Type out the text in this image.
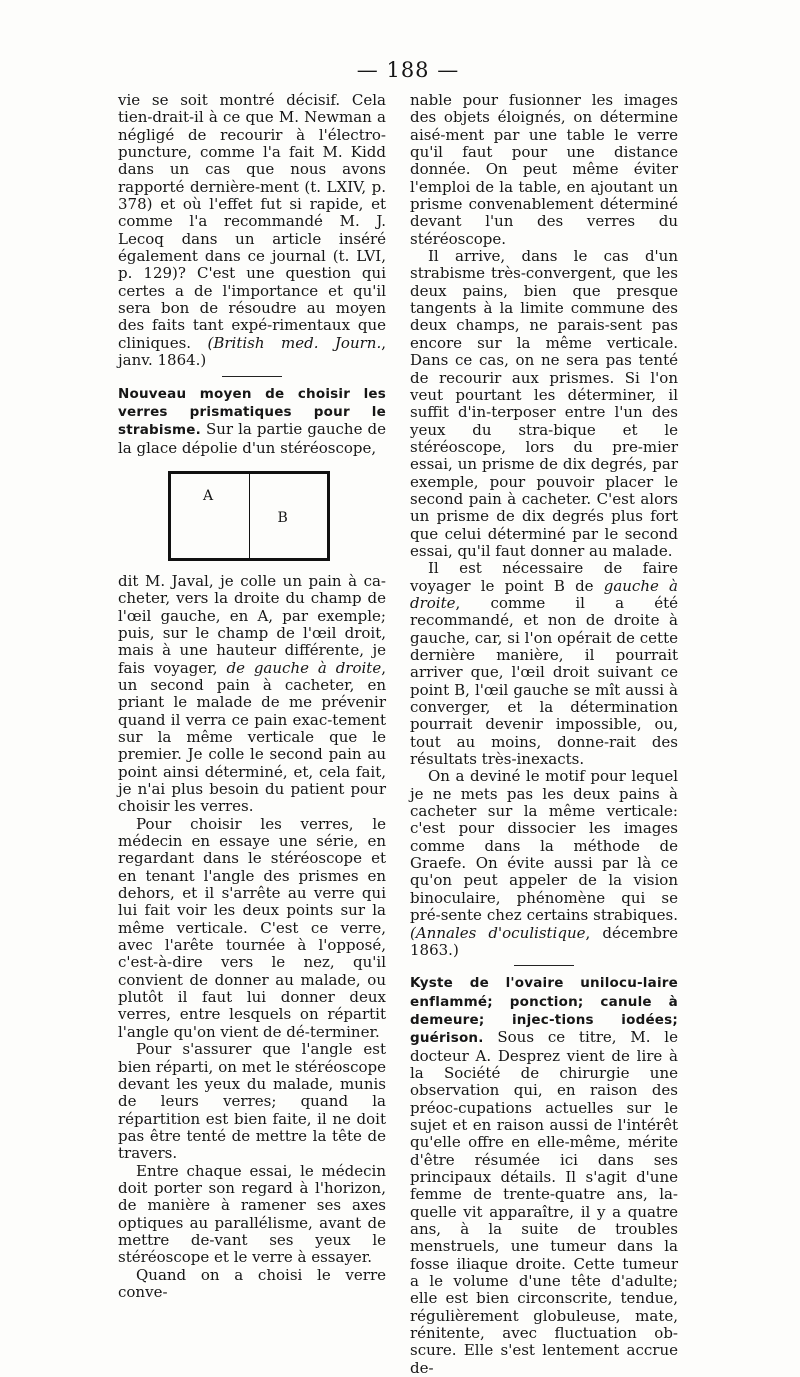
— 188 —

vie se soit montré décisif. Cela tien-drait-il à ce que M. Newman a négligé de recourir à l'électro-puncture, comme l'a fait M. Kidd dans un cas que nous avons rapporté dernière-ment (t. LXIV, p. 378) et où l'effet fut si rapide, et comme l'a recommandé M. J. Lecoq dans un article inséré également dans ce journal (t. LVI, p. 129)? C'est une question qui certes a de l'importance et qu'il sera bon de résoudre au moyen des faits tant expé-rimentaux que cliniques. (British med. Journ., janv. 1864.)

Nouveau moyen de choisir les verres prismatiques pour le strabisme. Sur la partie gauche de la glace dépolie d'un stéréoscope,

A
B

dit M. Javal, je colle un pain à ca-cheter, vers la droite du champ de l'œil gauche, en A, par exemple; puis, sur le champ de l'œil droit, mais à une hauteur différente, je fais voyager, de gauche à droite, un second pain à cacheter, en priant le malade de me prévenir quand il verra ce pain exac-tement sur la même verticale que le premier. Je colle le second pain au point ainsi déterminé, et, cela fait, je n'ai plus besoin du patient pour choisir les verres.

Pour choisir les verres, le médecin en essaye une série, en regardant dans le stéréoscope et en tenant l'angle des prismes en dehors, et il s'arrête au verre qui lui fait voir les deux points sur la même verticale. C'est ce verre, avec l'arête tournée à l'opposé, c'est-à-dire vers le nez, qu'il convient de donner au malade, ou plutôt il faut lui donner deux verres, entre lesquels on répartit l'angle qu'on vient de dé-terminer.

Pour s'assurer que l'angle est bien réparti, on met le stéréoscope devant les yeux du malade, munis de leurs verres; quand la répartition est bien faite, il ne doit pas être tenté de mettre la tête de travers.

Entre chaque essai, le médecin doit porter son regard à l'horizon, de manière à ramener ses axes optiques au parallélisme, avant de mettre de-vant ses yeux le stéréoscope et le verre à essayer.

Quand on a choisi le verre conve-

nable pour fusionner les images des objets éloignés, on détermine aisé-ment par une table le verre qu'il faut pour une distance donnée. On peut même éviter l'emploi de la table, en ajoutant un prisme convenablement déterminé devant l'un des verres du stéréoscope.

Il arrive, dans le cas d'un strabisme très-convergent, que les deux pains, bien que presque tangents à la limite commune des deux champs, ne parais-sent pas encore sur la même verticale. Dans ce cas, on ne sera pas tenté de recourir aux prismes. Si l'on veut pourtant les déterminer, il suffit d'in-terposer entre l'un des yeux du stra-bique et le stéréoscope, lors du pre-mier essai, un prisme de dix degrés, par exemple, pour pouvoir placer le second pain à cacheter. C'est alors un prisme de dix degrés plus fort que celui déterminé par le second essai, qu'il faut donner au malade.

Il est nécessaire de faire voyager le point B de gauche à droite, comme il a été recommandé, et non de droite à gauche, car, si l'on opérait de cette dernière manière, il pourrait arriver que, l'œil droit suivant ce point B, l'œil gauche se mît aussi à converger, et la détermination pourrait devenir impossible, ou, tout au moins, donne-rait des résultats très-inexacts.

On a deviné le motif pour lequel je ne mets pas les deux pains à cacheter sur la même verticale: c'est pour dissocier les images comme dans la méthode de Graefe. On évite aussi par là ce qu'on peut appeler de la vision binoculaire, phénomène qui se pré-sente chez certains strabiques. (Annales d'oculistique, décembre 1863.)

Kyste de l'ovaire unilocu-laire enflammé; ponction; canule à demeure; injec-tions iodées; guérison. Sous ce titre, M. le docteur A. Desprez vient de lire à la Société de chirurgie une observation qui, en raison des préoc-cupations actuelles sur le sujet et en raison aussi de l'intérêt qu'elle offre en elle-même, mérite d'être résumée ici dans ses principaux détails. Il s'agit d'une femme de trente-quatre ans, la-quelle vit apparaître, il y a quatre ans, à la suite de troubles menstruels, une tumeur dans la fosse iliaque droite. Cette tumeur a le volume d'une tête d'adulte; elle est bien circonscrite, tendue, régulièrement globuleuse, mate, rénitente, avec fluctuation ob-scure. Elle s'est lentement accrue de-
